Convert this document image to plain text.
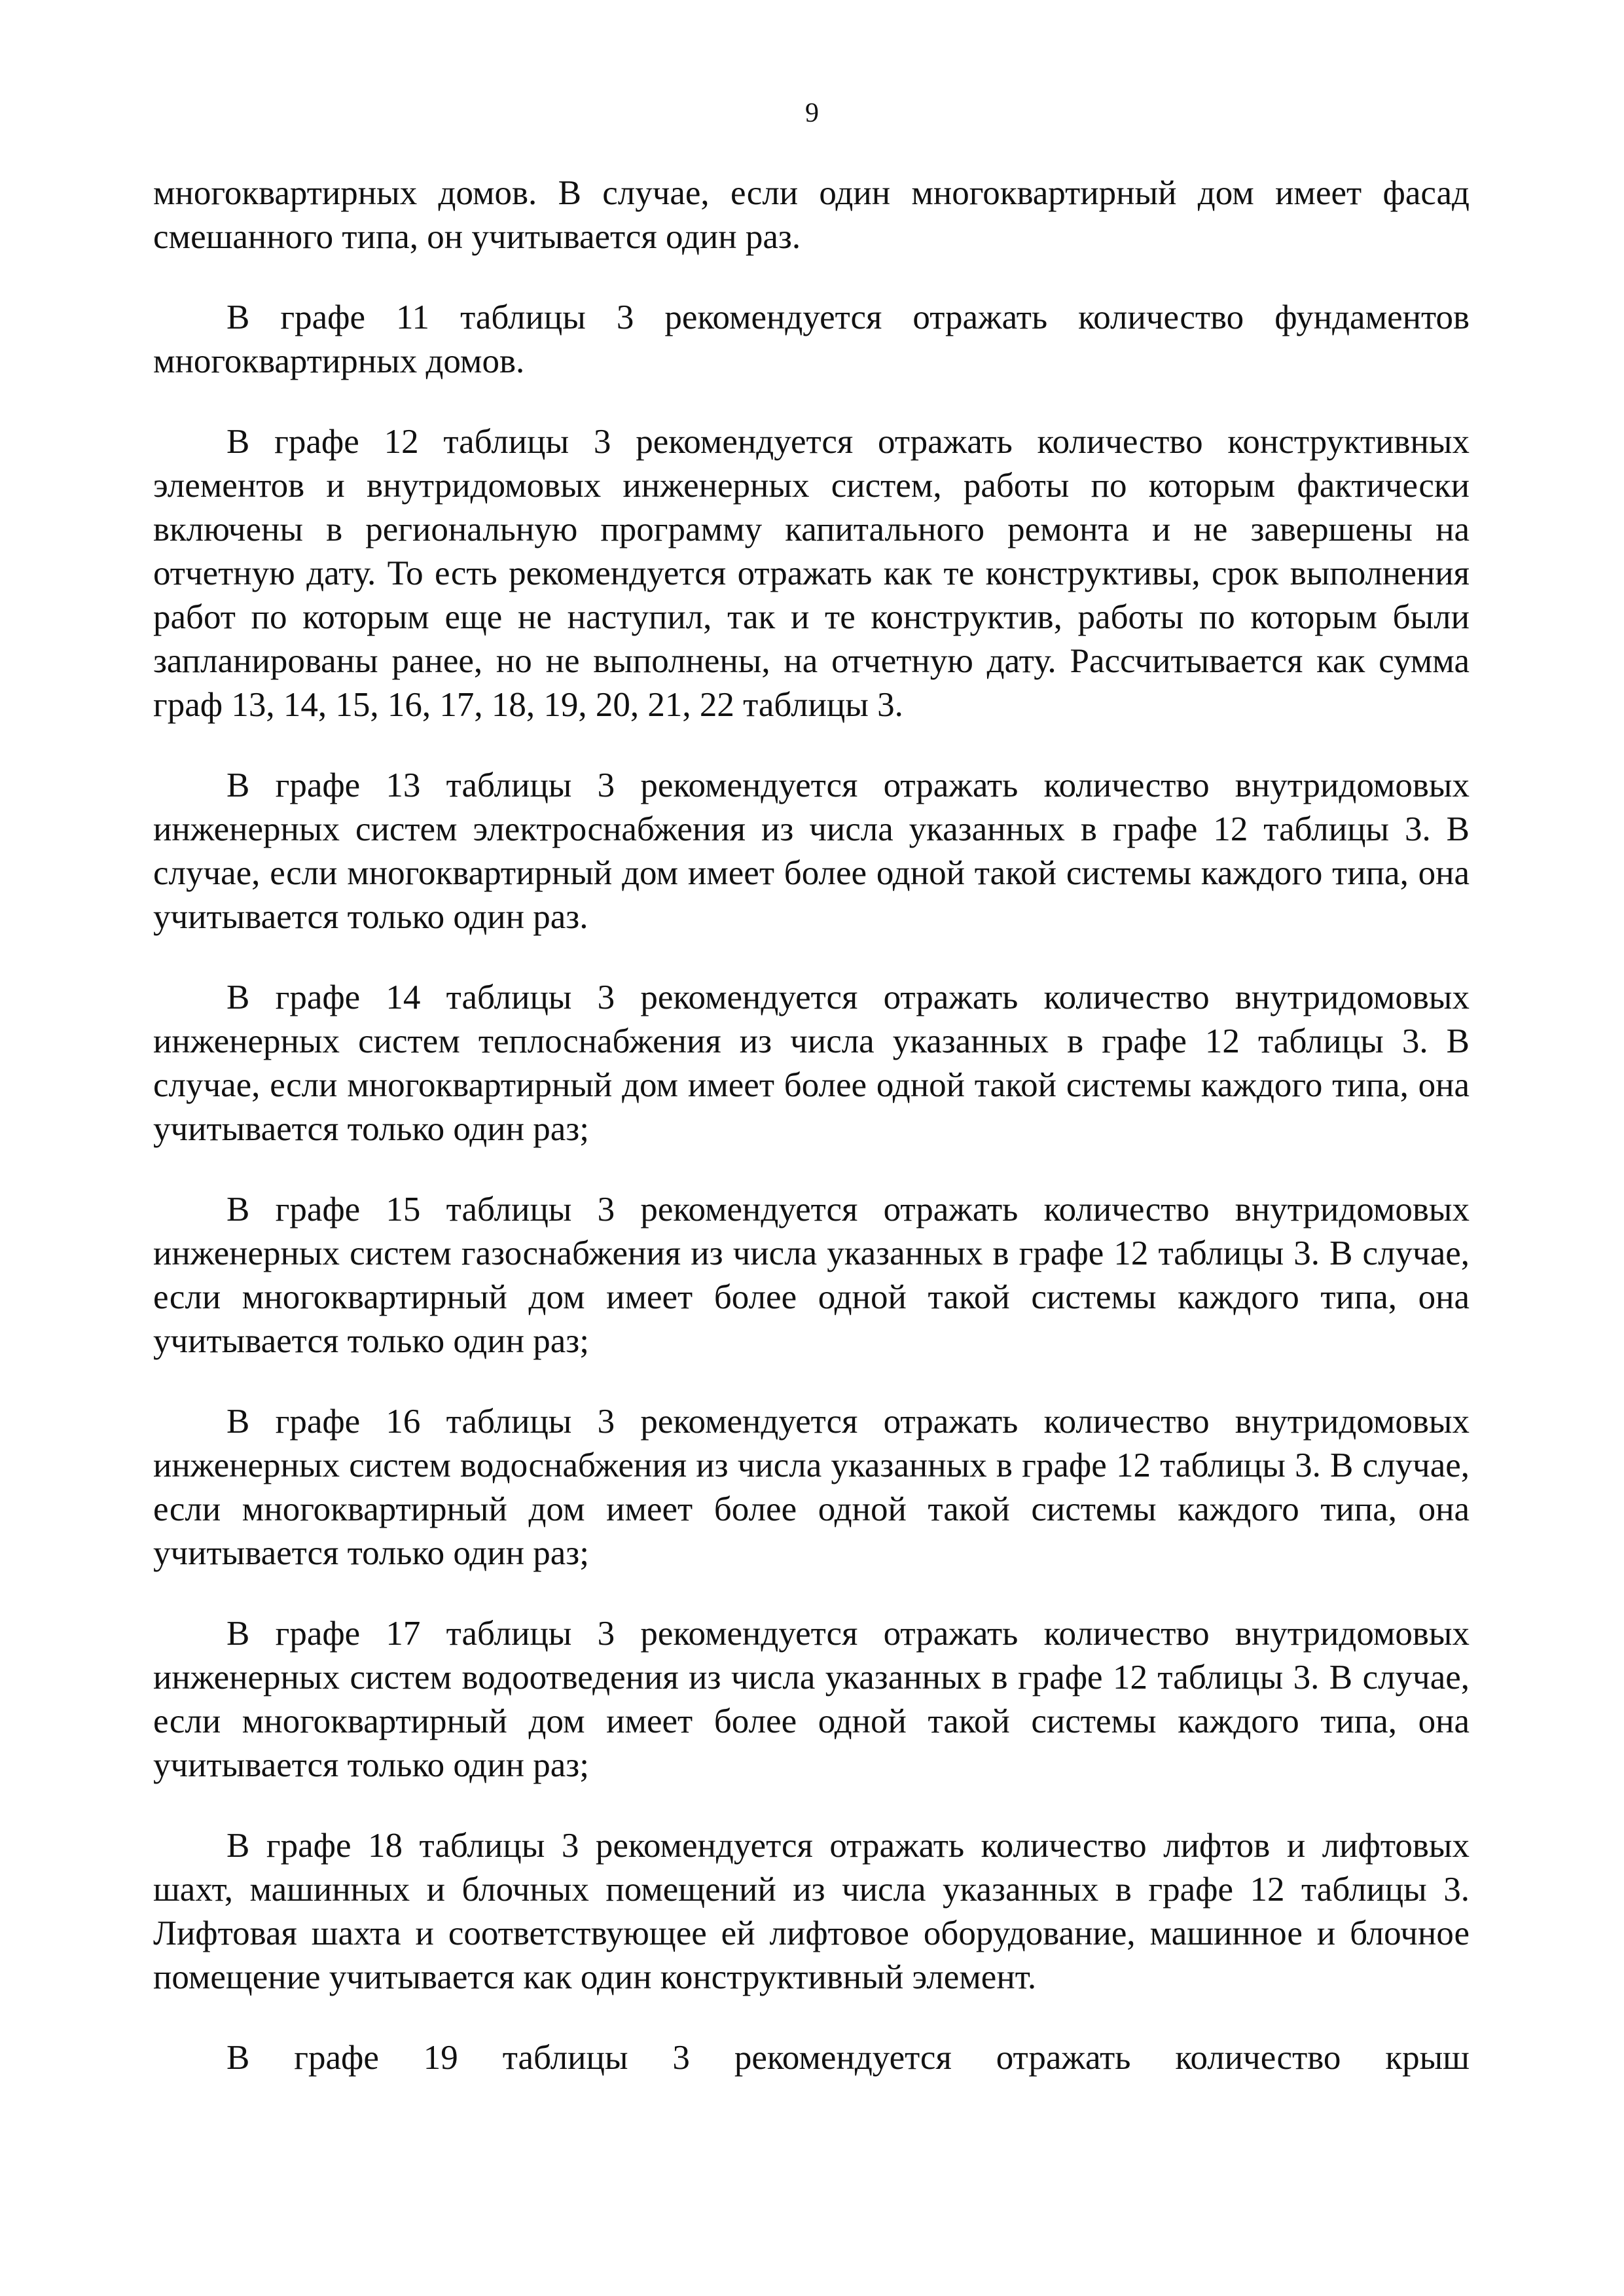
9

многоквартирных домов. В случае, если один многоквартирный дом имеет фасад смешанного типа, он учитывается один раз.

В графе 11 таблицы 3 рекомендуется отражать количество фундаментов многоквартирных домов.

В графе 12 таблицы 3 рекомендуется отражать количество конструктивных элементов и внутридомовых инженерных систем, работы по которым фактически включены в региональную программу капитального ремонта и не завершены на отчетную дату. То есть рекомендуется отражать как те конструктивы, срок выполнения работ по которым еще не наступил, так и те конструктив, работы по которым были запланированы ранее, но не выполнены, на отчетную дату. Рассчитывается как сумма граф 13, 14, 15, 16, 17, 18, 19, 20, 21, 22 таблицы 3.

В графе 13 таблицы 3 рекомендуется отражать количество внутридомовых инженерных систем электроснабжения из числа указанных в графе 12 таблицы 3. В случае, если многоквартирный дом имеет более одной такой системы каждого типа, она учитывается только один раз.

В графе 14 таблицы 3 рекомендуется отражать количество внутридомовых инженерных систем теплоснабжения из числа указанных в графе 12 таблицы 3. В случае, если многоквартирный дом имеет более одной такой системы каждого типа, она учитывается только один раз;

В графе 15 таблицы 3 рекомендуется отражать количество внутридомовых инженерных систем газоснабжения из числа указанных в графе 12 таблицы 3. В случае, если многоквартирный дом имеет более одной такой системы каждого типа, она учитывается только один раз;

В графе 16 таблицы 3 рекомендуется отражать количество внутридомовых инженерных систем водоснабжения из числа указанных в графе 12 таблицы 3. В случае, если многоквартирный дом имеет более одной такой системы каждого типа, она учитывается только один раз;

В графе 17 таблицы 3 рекомендуется отражать количество внутридомовых инженерных систем водоотведения из числа указанных в графе 12 таблицы 3. В случае, если многоквартирный дом имеет более одной такой системы каждого типа, она учитывается только один раз;

В графе 18 таблицы 3 рекомендуется отражать количество лифтов и лифтовых шахт, машинных и блочных помещений из числа указанных в графе 12 таблицы 3. Лифтовая шахта и соответствующее ей лифтовое оборудование, машинное и блочное помещение учитывается как один конструктивный элемент.

В графе 19 таблицы 3 рекомендуется отражать количество крыш
